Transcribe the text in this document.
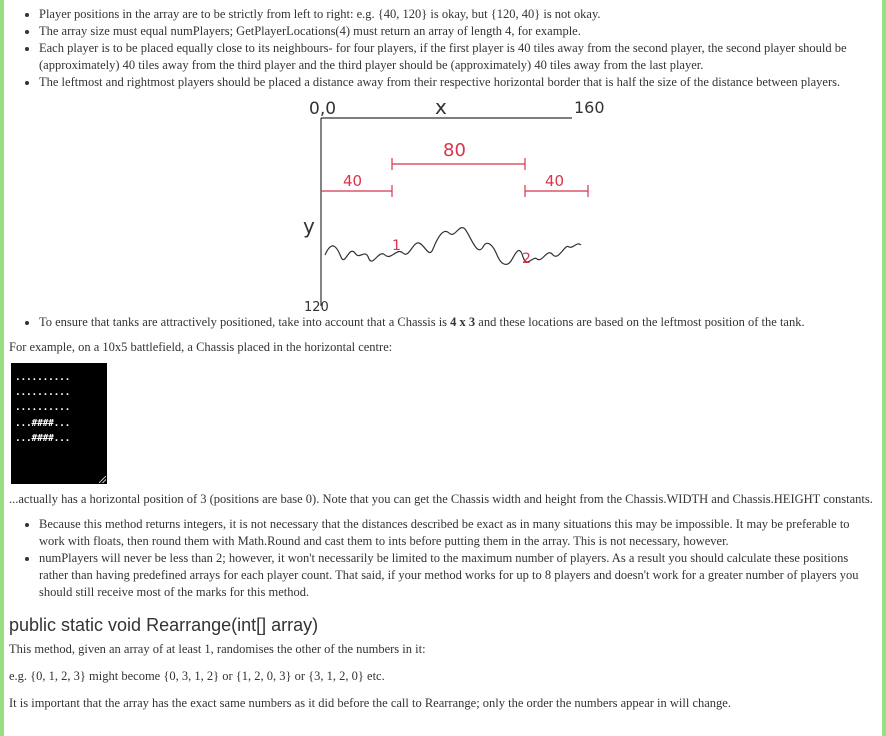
• Player positions in the array are to be strictly from left to right: e.g. {40, 120} is okay, but {120, 40} is not okay.
• The array size must equal numPlayers; GetPlayerLocations(4) must return an array of length 4, for example.
• Each player is to be placed equally close to its neighbours- for four players, if the first player is 40 tiles away from the second player, the second player should be (approximately) 40 tiles away from the third player and the third player should be (approximately) 40 tiles away from the last player.
• The leftmost and rightmost players should be placed a distance away from their respective horizontal border that is half the size of the distance between players.
0,0	x	160
y
120
40
80
40
1
2
• To ensure that tanks are attractively positioned, take into account that a Chassis is 4 x 3 and these locations are based on the leftmost position of the tank.

For example, on a 10x5 battlefield, a Chassis placed in the horizontal centre:

..........
..........
..........
...####...
...####...

...actually has a horizontal position of 3 (positions are base 0). Note that you can get the Chassis width and height from the Chassis.WIDTH and Chassis.HEIGHT constants.

• Because this method returns integers, it is not necessary that the distances described be exact as in many situations this may be impossible. It may be preferable to work with floats, then round them with Math.Round and cast them to ints before putting them in the array. This is not necessary, however.
• numPlayers will never be less than 2; however, it won't necessarily be limited to the maximum number of players. As a result you should calculate these positions rather than having predefined arrays for each player count. That said, if your method works for up to 8 players and doesn't work for a greater number of players you should still receive most of the marks for this method.
public static void Rearrange(int[] array)

This method, given an array of at least 1, randomises the other of the numbers in it:

e.g. {0, 1, 2, 3} might become {0, 3, 1, 2} or {1, 2, 0, 3} or {3, 1, 2, 0} etc.

It is important that the array has the exact same numbers as it did before the call to Rearrange; only the order the numbers appear in will change.
